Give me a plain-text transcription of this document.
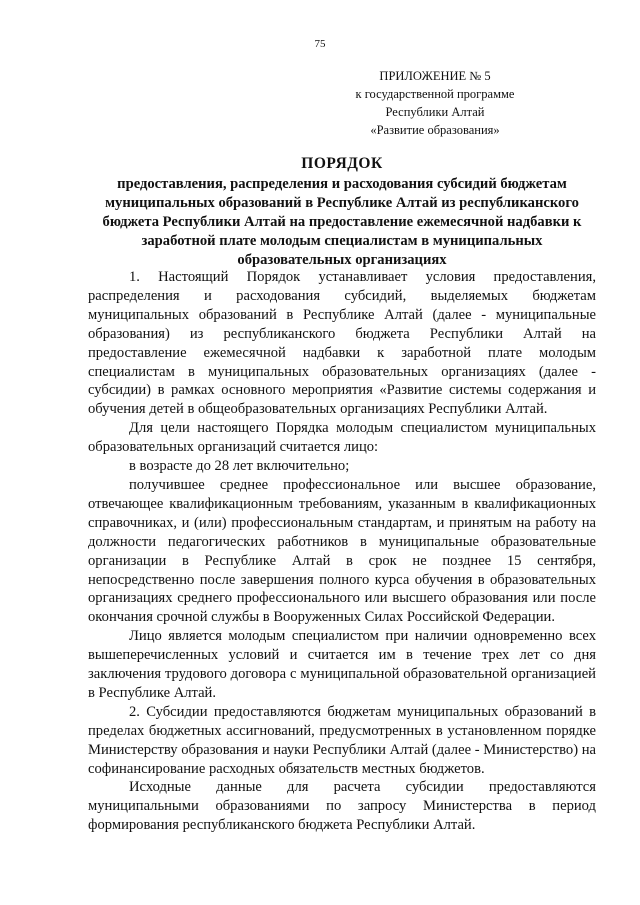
75
ПРИЛОЖЕНИЕ № 5
к государственной программе
Республики Алтай
«Развитие образования»
ПОРЯДОК
предоставления, распределения и расходования субсидий бюджетам муниципальных образований в Республике Алтай из республиканского бюджета Республики Алтай на предоставление ежемесячной надбавки к заработной плате молодым специалистам в муниципальных образовательных организациях

1. Настоящий Порядок устанавливает условия предоставления, распределения и расходования субсидий, выделяемых бюджетам муниципальных образований в Республике Алтай (далее - муниципальные образования) из республиканского бюджета Республики Алтай на предоставление ежемесячной надбавки к заработной плате молодым специалистам в муниципальных образовательных организациях (далее - субсидии) в рамках основного мероприятия «Развитие системы содержания и обучения детей в общеобразовательных организациях Республики Алтай.

Для цели настоящего Порядка молодым специалистом муниципальных образовательных организаций считается лицо:

в возрасте до 28 лет включительно;

получившее среднее профессиональное или высшее образование, отвечающее квалификационным требованиям, указанным в квалификационных справочниках, и (или) профессиональным стандартам, и принятым на работу на должности педагогических работников в муниципальные образовательные организации в Республике Алтай в срок не позднее 15 сентября, непосредственно после завершения полного курса обучения в образовательных организациях среднего профессионального или высшего образования или после окончания срочной службы в Вооруженных Силах Российской Федерации.

Лицо является молодым специалистом при наличии одновременно всех вышеперечисленных условий и считается им в течение трех лет со дня заключения трудового договора с муниципальной образовательной организацией в Республике Алтай.

2. Субсидии предоставляются бюджетам муниципальных образований в пределах бюджетных ассигнований, предусмотренных в установленном порядке Министерству образования и науки Республики Алтай (далее - Министерство) на софинансирование расходных обязательств местных бюджетов.

Исходные данные для расчета субсидии предоставляются муниципальными образованиями по запросу Министерства в период формирования республиканского бюджета Республики Алтай.
